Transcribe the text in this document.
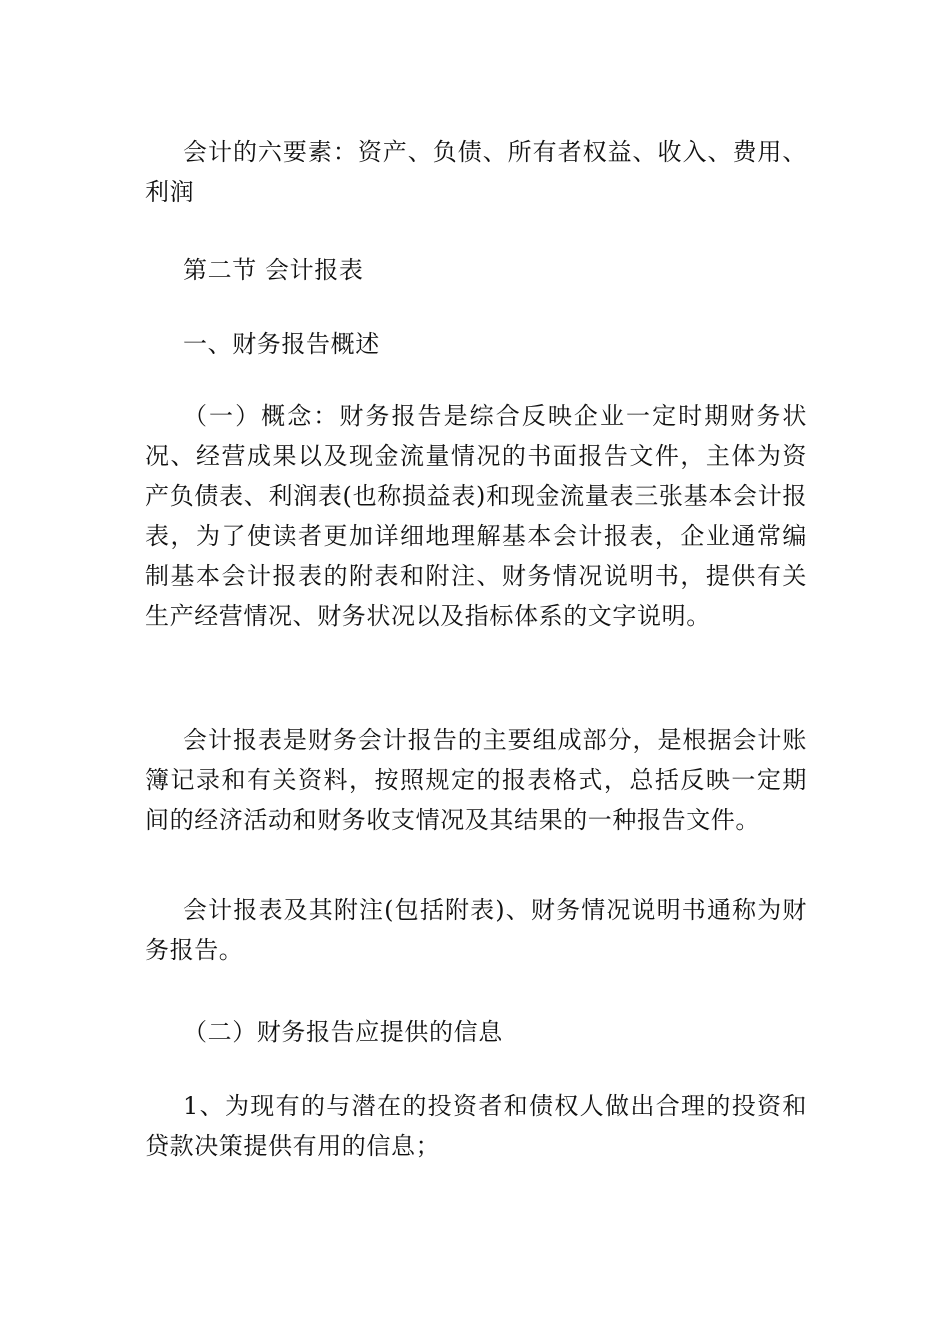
会计的六要素：资产、负债、所有者权益、收入、费用、利润

第二节 会计报表

一、财务报告概述

（一）概念：财务报告是综合反映企业一定时期财务状况、经营成果以及现金流量情况的书面报告文件，主体为资产负债表、利润表(也称损益表)和现金流量表三张基本会计报表，为了使读者更加详细地理解基本会计报表，企业通常编制基本会计报表的附表和附注、财务情况说明书，提供有关生产经营情况、财务状况以及指标体系的文字说明。

会计报表是财务会计报告的主要组成部分，是根据会计账簿记录和有关资料，按照规定的报表格式，总括反映一定期间的经济活动和财务收支情况及其结果的一种报告文件。

会计报表及其附注(包括附表)、财务情况说明书通称为财务报告。

（二）财务报告应提供的信息

1、为现有的与潜在的投资者和债权人做出合理的投资和贷款决策提供有用的信息；
